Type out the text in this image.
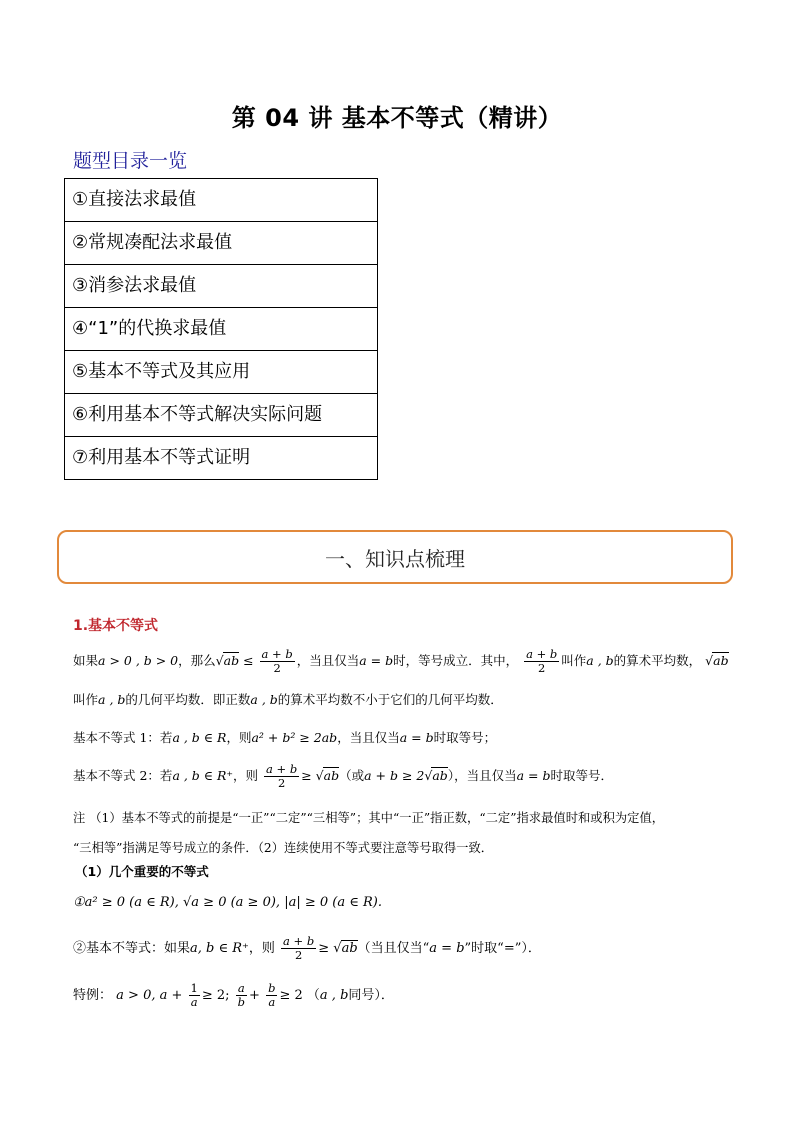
第 04 讲 基本不等式（精讲）
题型目录一览
①直接法求最值
②常规凑配法求最值
③消参法求最值
④“1”的代换求最值
⑤基本不等式及其应用
⑥利用基本不等式解决实际问题
⑦利用基本不等式证明
一、知识点梳理
1.基本不等式
如果a > 0 , b > 0，那么$√ab \le \frac{a + b}{2}$ ，当且仅当a = b时，等号成立．其中， $\frac{a + b}{2}$ 叫作a , b的算术平均数， √ab
叫作a , b的几何平均数．即正数a , b的算术平均数不小于它们的几何平均数．
基本不等式 1：若a , b ∈ R，则a² + b² ≥ 2ab，当且仅当a = b时取等号；
基本不等式 2：若a , b ∈ R⁺，则 $\frac{a + b}{2} \ge √ab$（或a + b ≥ 2√ab），当且仅当a = b时取等号．
注 （1）基本不等式的前提是“一正”“二定”“三相等”；其中“一正”指正数，“二定”指求最值时和或积为定值，
“三相等”指满足等号成立的条件．（2）连续使用不等式要注意等号取得一致．
（1）几个重要的不等式
①a² ≥ 0 (a ∈ R), √a ≥ 0 (a ≥ 0), |a| ≥ 0 (a ∈ R).
②基本不等式：如果a, b ∈ R⁺，则 $\frac{a + b}{2} \ge √ab$（当且仅当“a = b”时取“=”）．
特例： a > 0, $a + \frac{1}{a} \ge 2$; $\frac{a}{b} + \frac{b}{a} \ge 2$ （a , b同号）．
